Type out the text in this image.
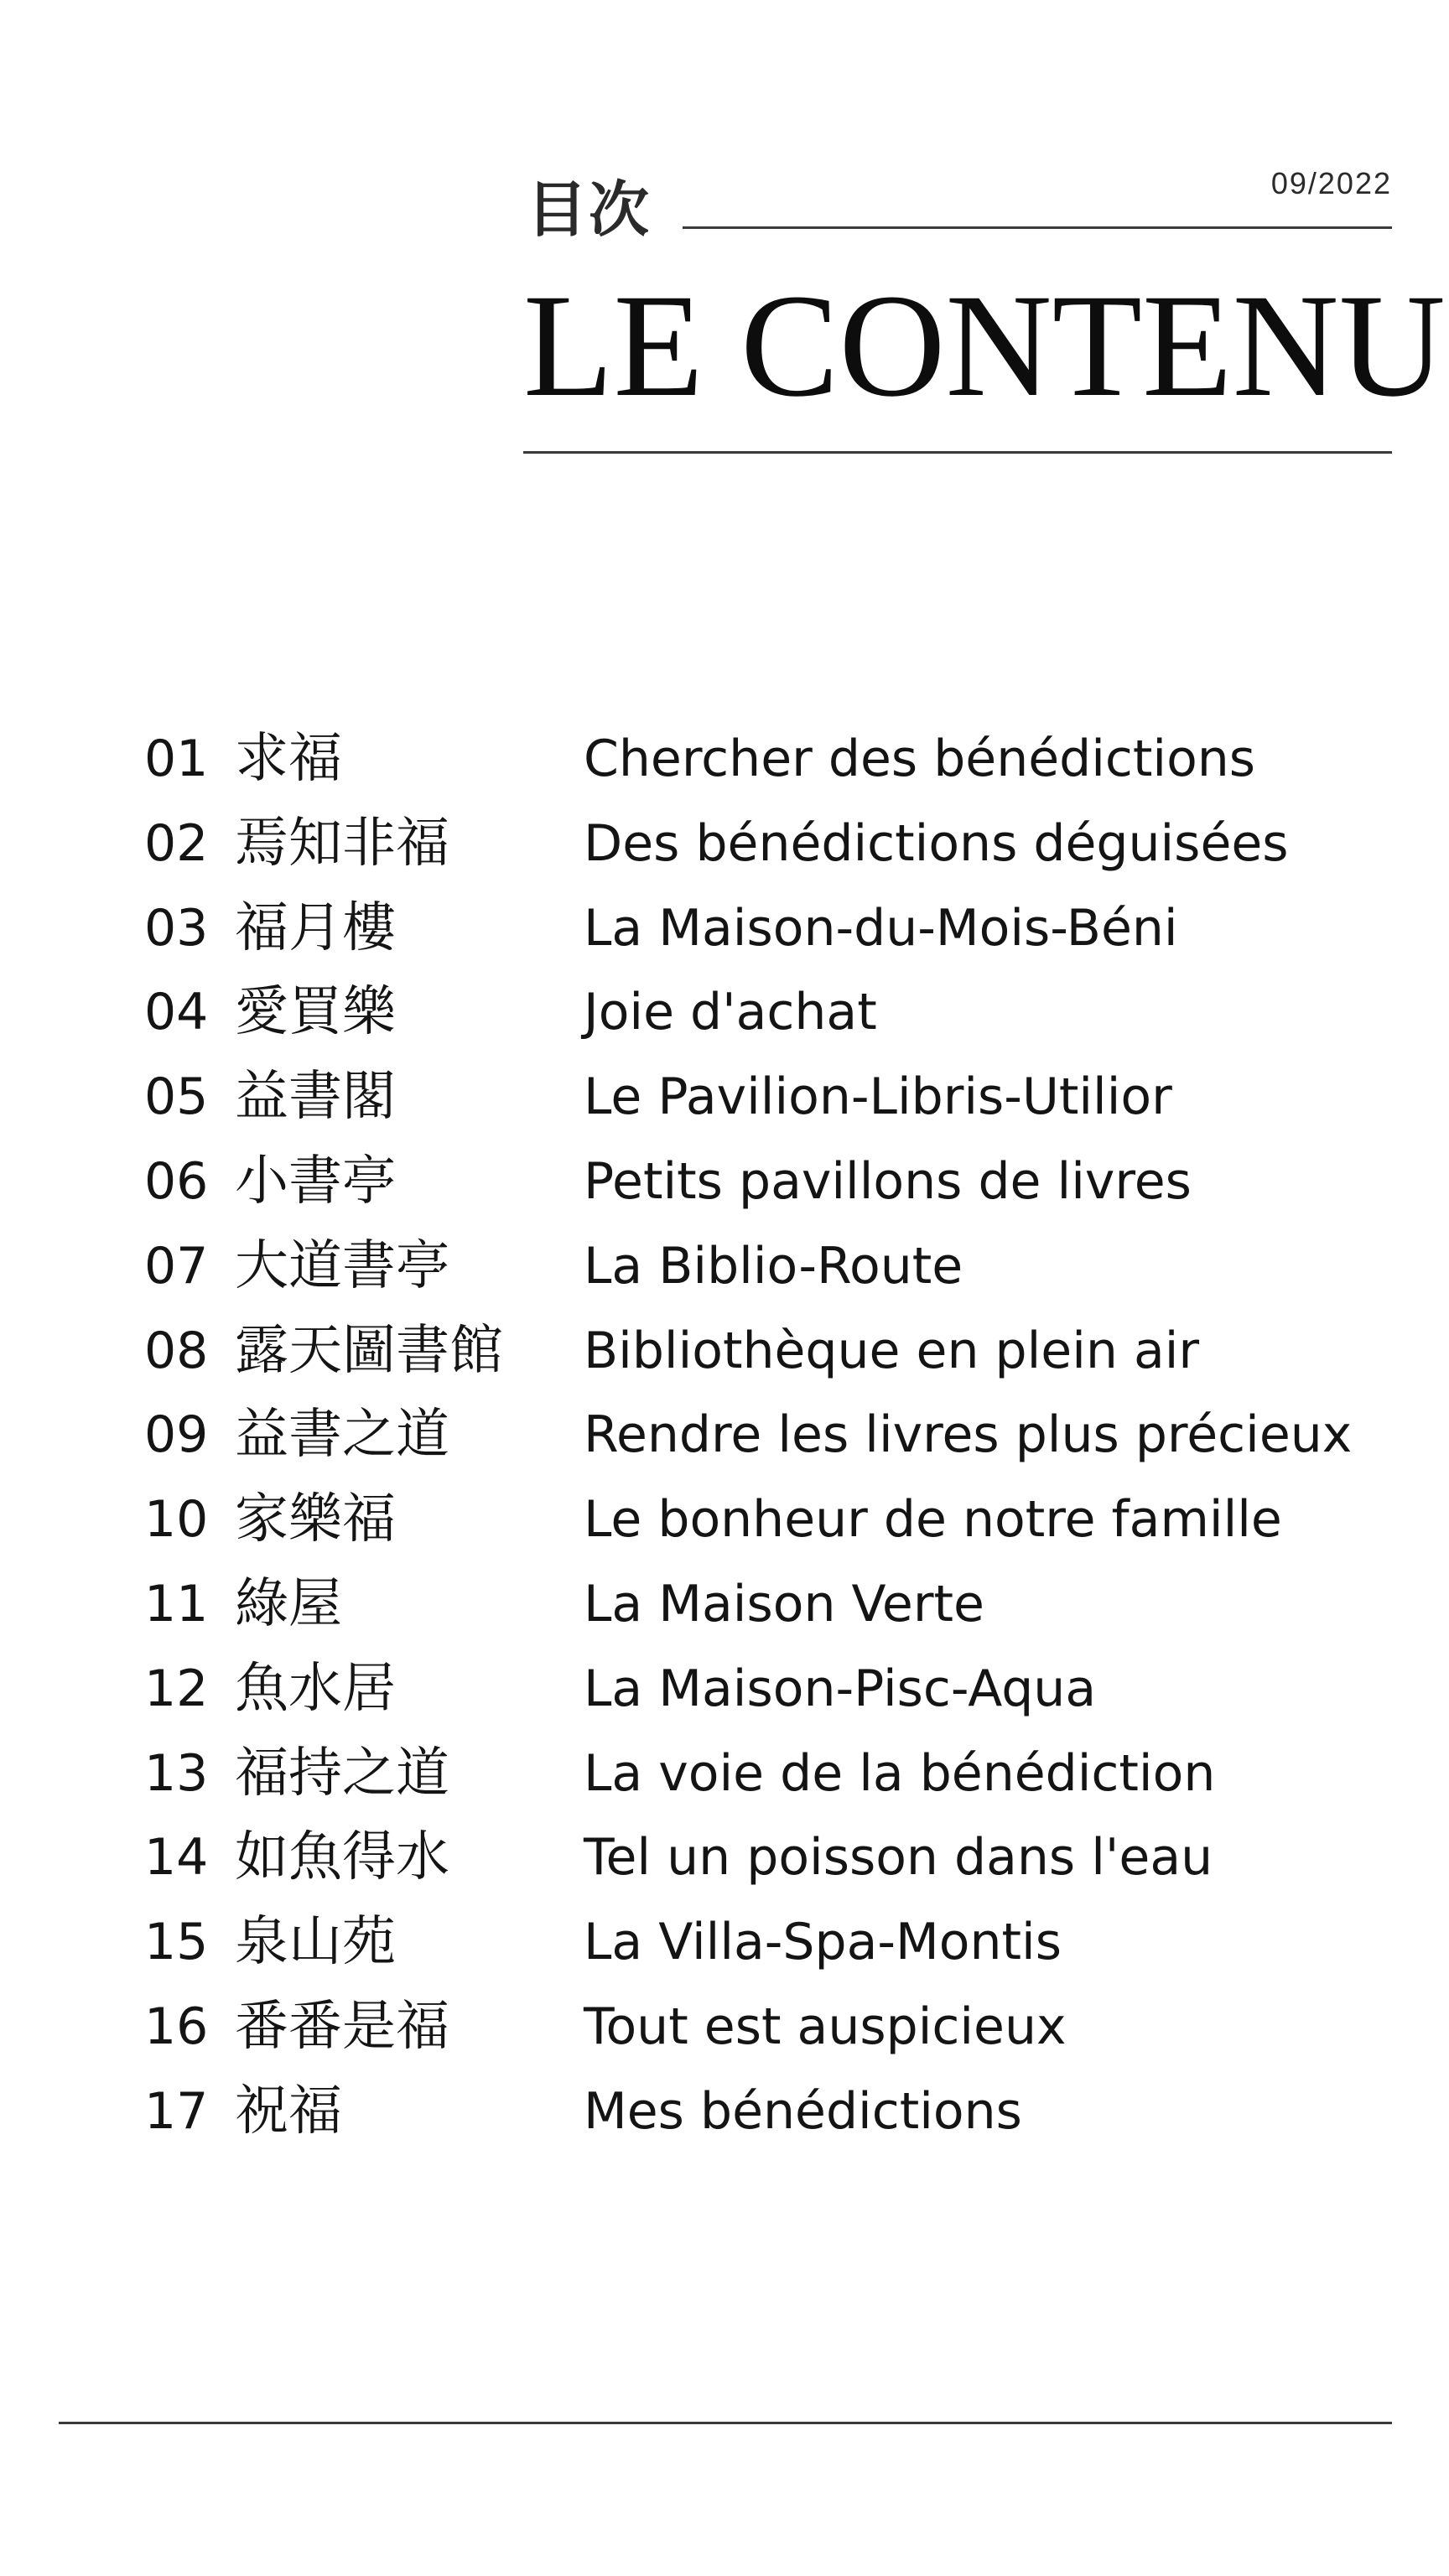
目次	09/2022
LE CONTENU
01 求福	Chercher des bénédictions
02 焉知非福	Des bénédictions déguisées
03 福月樓	La Maison-du-Mois-Béni
04 愛買樂	Joie d'achat
05 益書閣	Le Pavilion-Libris-Utilior
06 小書亭	Petits pavillons de livres
07 大道書亭	La Biblio-Route
08 露天圖書館 Bibliothèque en plein air
09 益書之道	Rendre les livres plus précieux
10 家樂福	Le bonheur de notre famille
11 綠屋	La Maison Verte
12 魚水居	La Maison-Pisc-Aqua
13 福持之道	La voie de la bénédiction
14 如魚得水	Tel un poisson dans l'eau
15 泉山苑	La Villa-Spa-Montis
16 番番是福	Tout est auspicieux
17 祝福	Mes bénédictions
